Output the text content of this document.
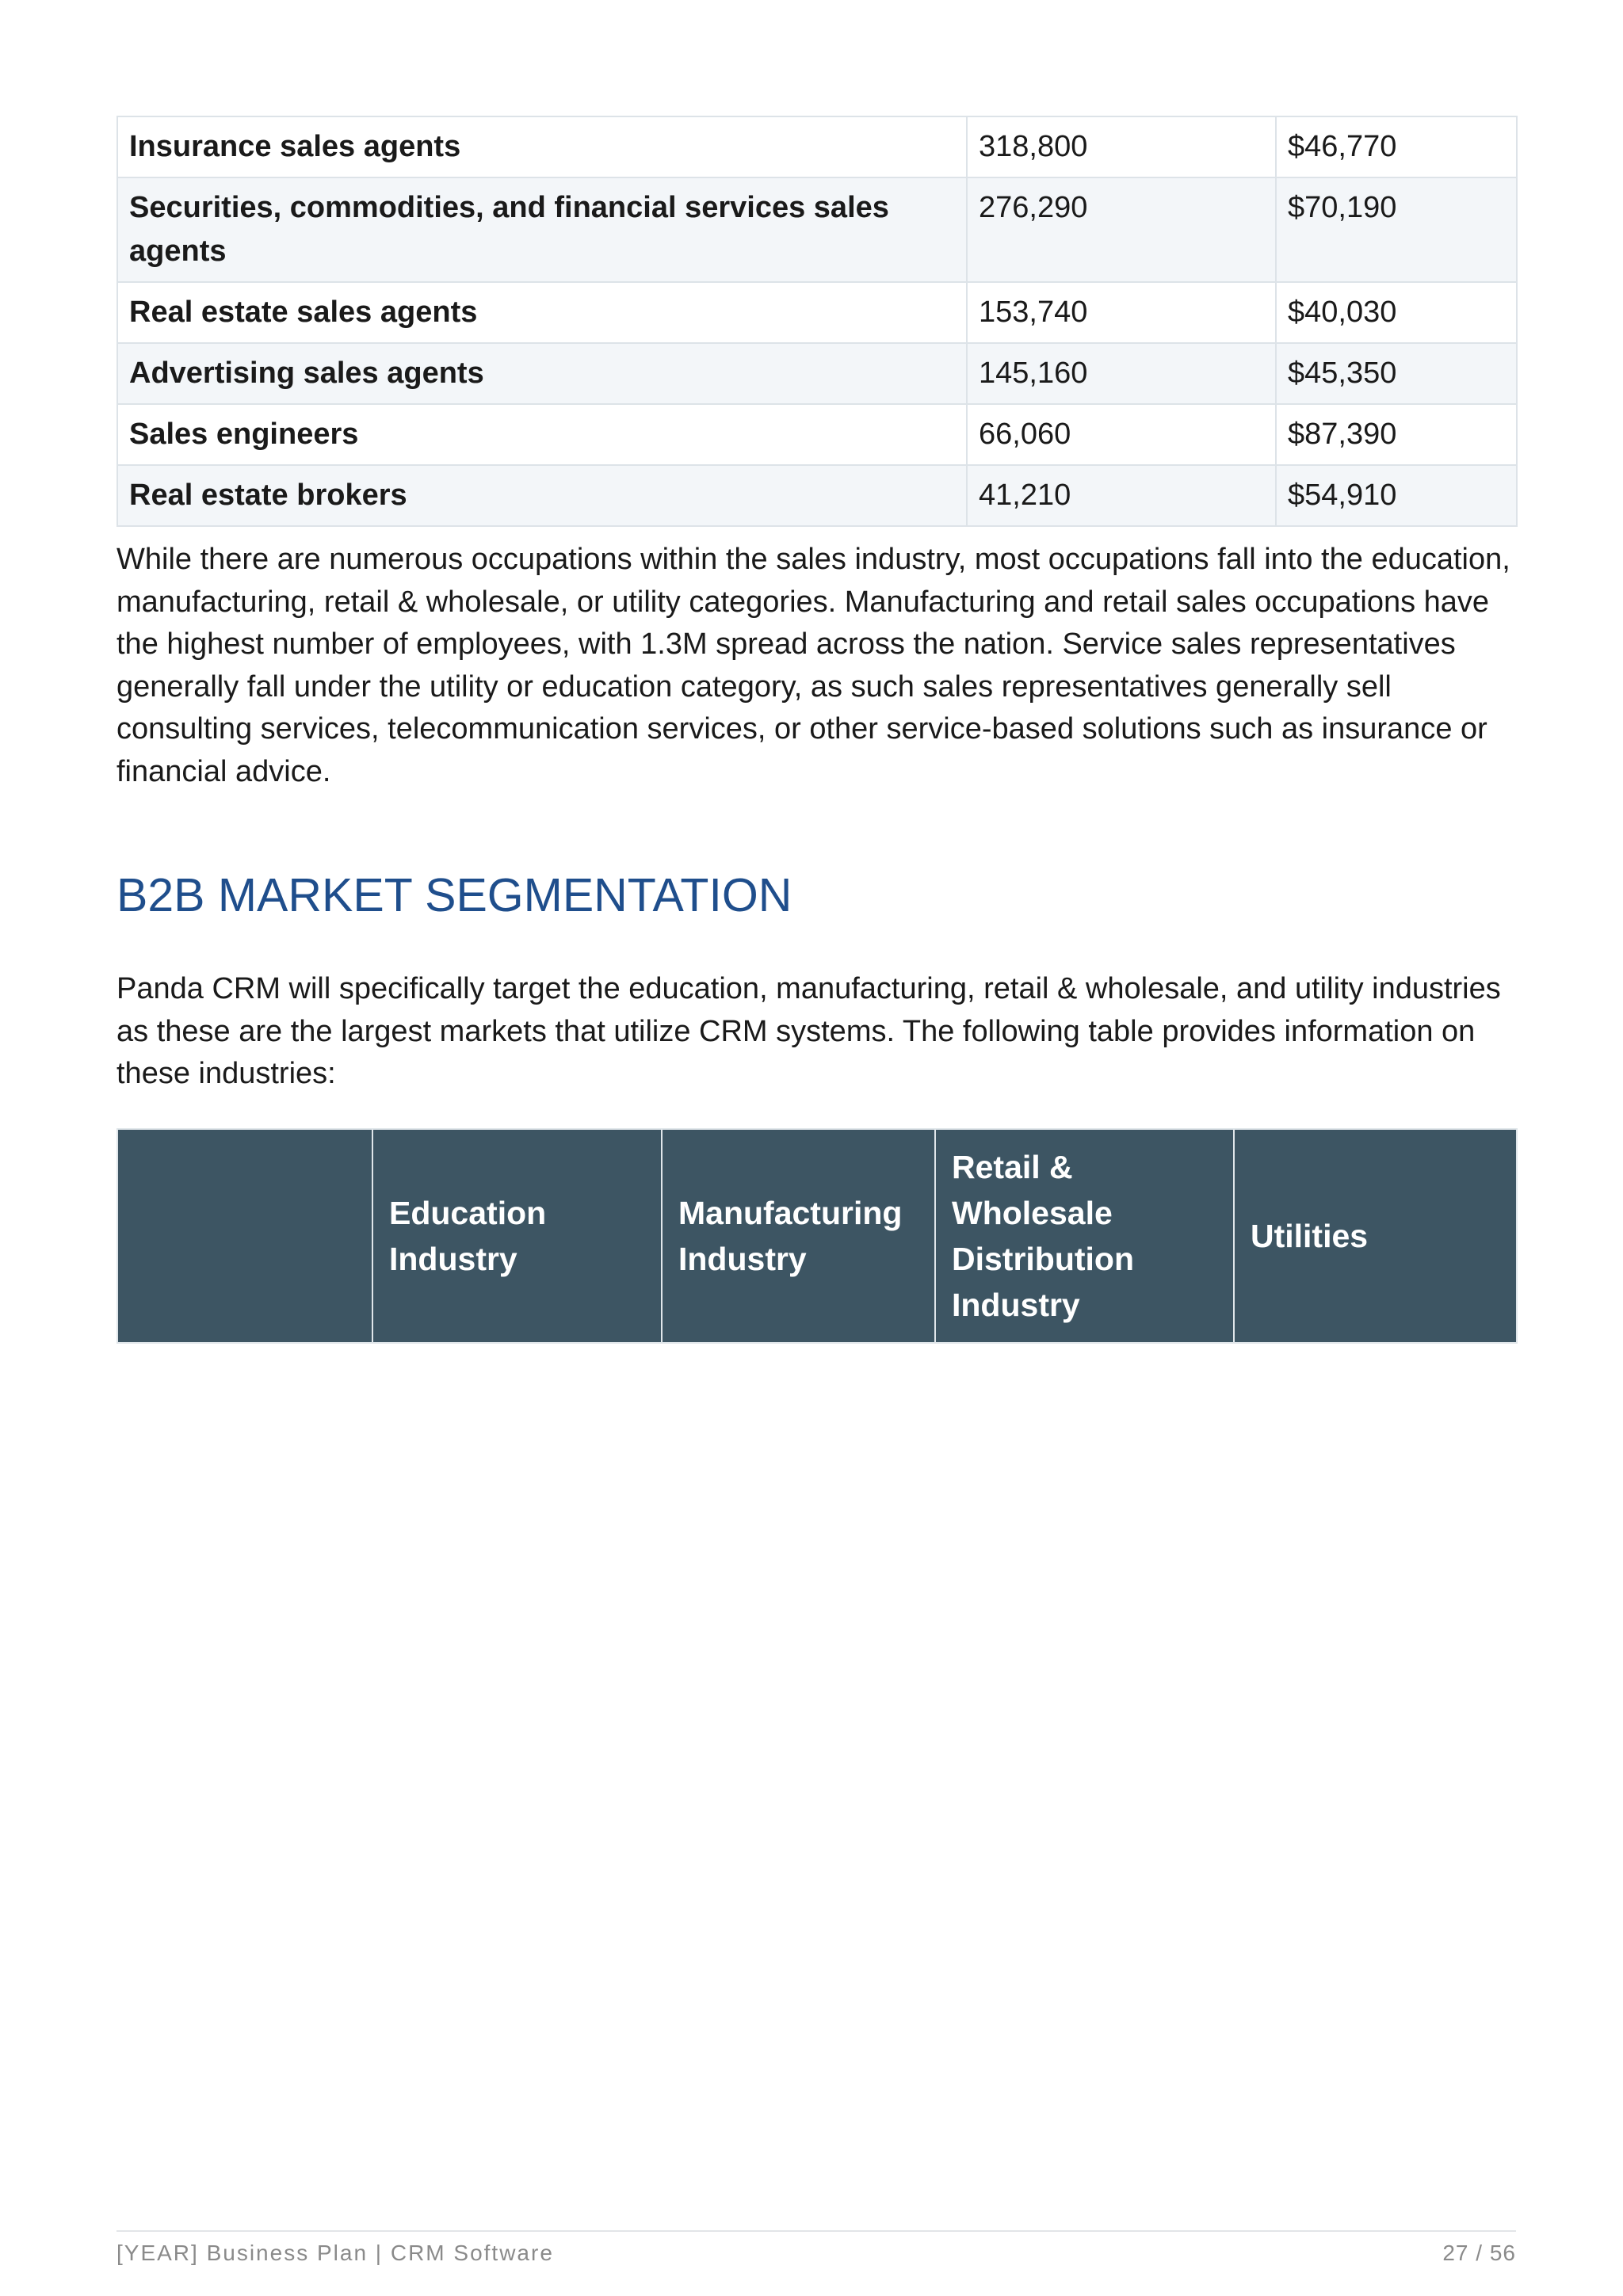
Insurance sales agents	318,800	$46,770
Securities, commodities, and financial services sales agents	276,290	$70,190
Real estate sales agents	153,740	$40,030
Advertising sales agents	145,160	$45,350
Sales engineers	66,060	$87,390
Real estate brokers	41,210	$54,910

While there are numerous occupations within the sales industry, most occupations fall into the education, manufacturing, retail & wholesale, or utility categories. Manufacturing and retail sales occupations have the highest number of employees, with 1.3M spread across the nation. Service sales representatives generally fall under the utility or education category, as such sales representatives generally sell consulting services, telecommunication services, or other service-based solutions such as insurance or financial advice.

B2B MARKET SEGMENTATION

Panda CRM will specifically target the education, manufacturing, retail & wholesale, and utility industries as these are the largest markets that utilize CRM systems. The following table provides information on these industries:

	Education Industry	Manufacturing Industry	Retail & Wholesale Distribution Industry	Utilities
[YEAR] Business Plan | CRM Software	27 / 56
